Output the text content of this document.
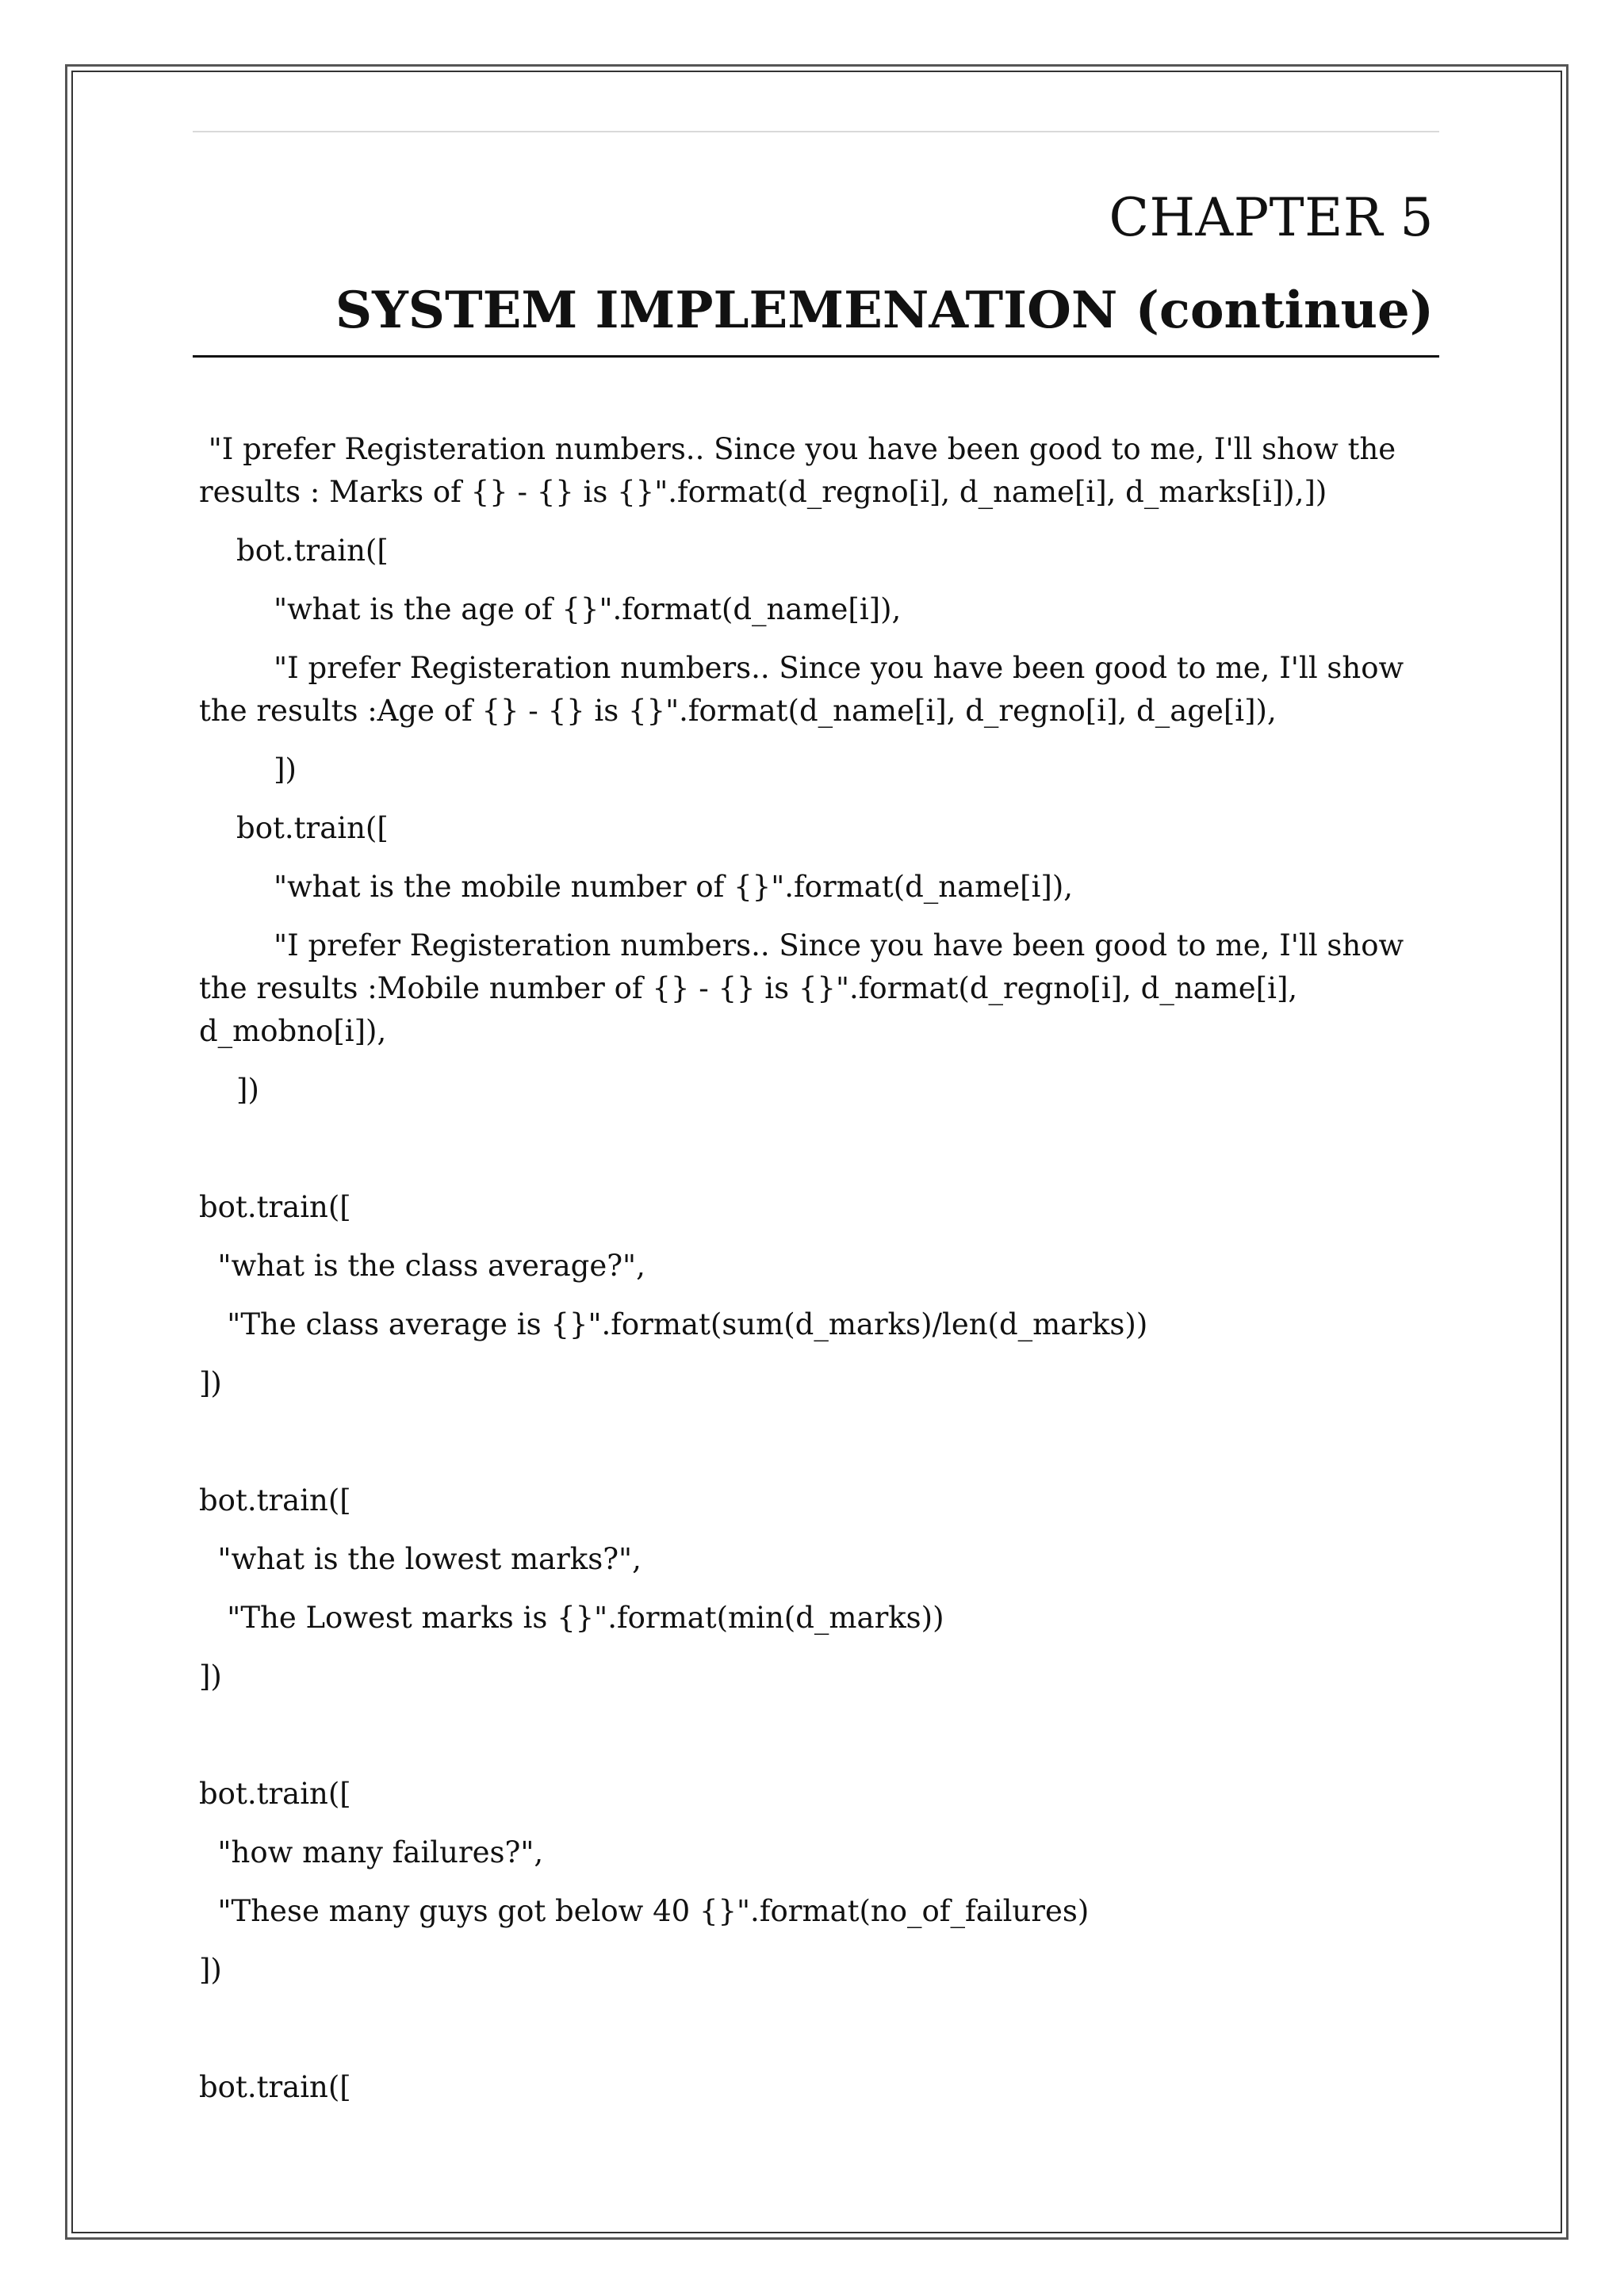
CHAPTER 5
SYSTEM IMPLEMENATION (continue)

"I prefer Registeration numbers.. Since you have been good to me, I'll show the results : Marks of {} - {} is {}".format(d_regno[i], d_name[i], d_marks[i]),])

bot.train([

"what is the age of {}".format(d_name[i]),

"I prefer Registeration numbers.. Since you have been good to me, I'll show the results :Age of {} - {} is {}".format(d_name[i], d_regno[i], d_age[i]),

])

bot.train([

"what is the mobile number of {}".format(d_name[i]),

"I prefer Registeration numbers.. Since you have been good to me, I'll show the results :Mobile number of {} - {} is {}".format(d_regno[i], d_name[i], d_mobno[i]),

])

bot.train([

"what is the class average?",

"The class average is {}".format(sum(d_marks)/len(d_marks))

])

bot.train([

"what is the lowest marks?",

"The Lowest marks is {}".format(min(d_marks))

])

bot.train([

"how many failures?",

"These many guys got below 40 {}".format(no_of_failures)

])

bot.train([
